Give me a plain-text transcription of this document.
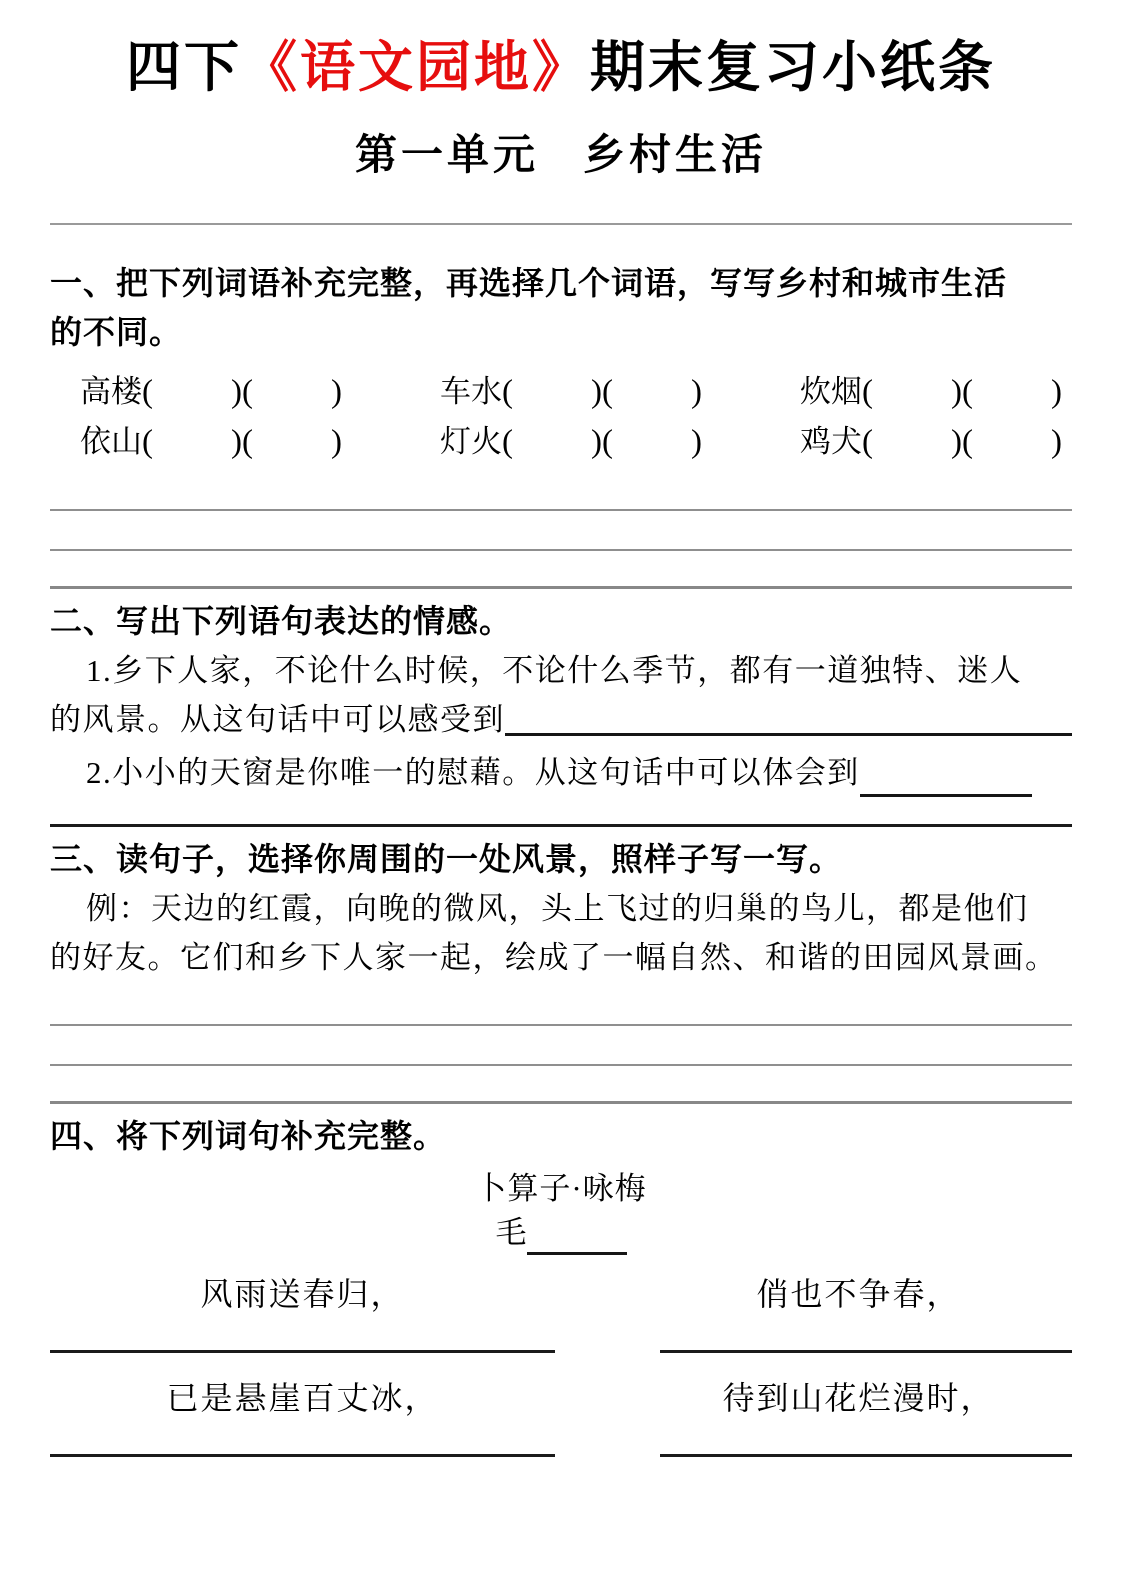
四下《语文园地》期末复习小纸条
第一单元 乡村生活
一、把下列词语补充完整，再选择几个词语，写写乡村和城市生活
的不同。
高楼( )( )	车水( )( )	炊烟( )( )
依山( )( )	灯火( )( )	鸡犬( )( )
二、写出下列语句表达的情感。
1.乡下人家，不论什么时候，不论什么季节，都有一道独特、迷人
的风景。从这句话中可以感受到
2.小小的天窗是你唯一的慰藉。从这句话中可以体会到
三、读句子，选择你周围的一处风景，照样子写一写。
例：天边的红霞，向晚的微风，头上飞过的归巢的鸟儿，都是他们
的好友。它们和乡下人家一起，绘成了一幅自然、和谐的田园风景画。
四、将下列词句补充完整。
卜算子·咏梅
毛
风雨送春归，	俏也不争春，
已是悬崖百丈冰，	待到山花烂漫时，
